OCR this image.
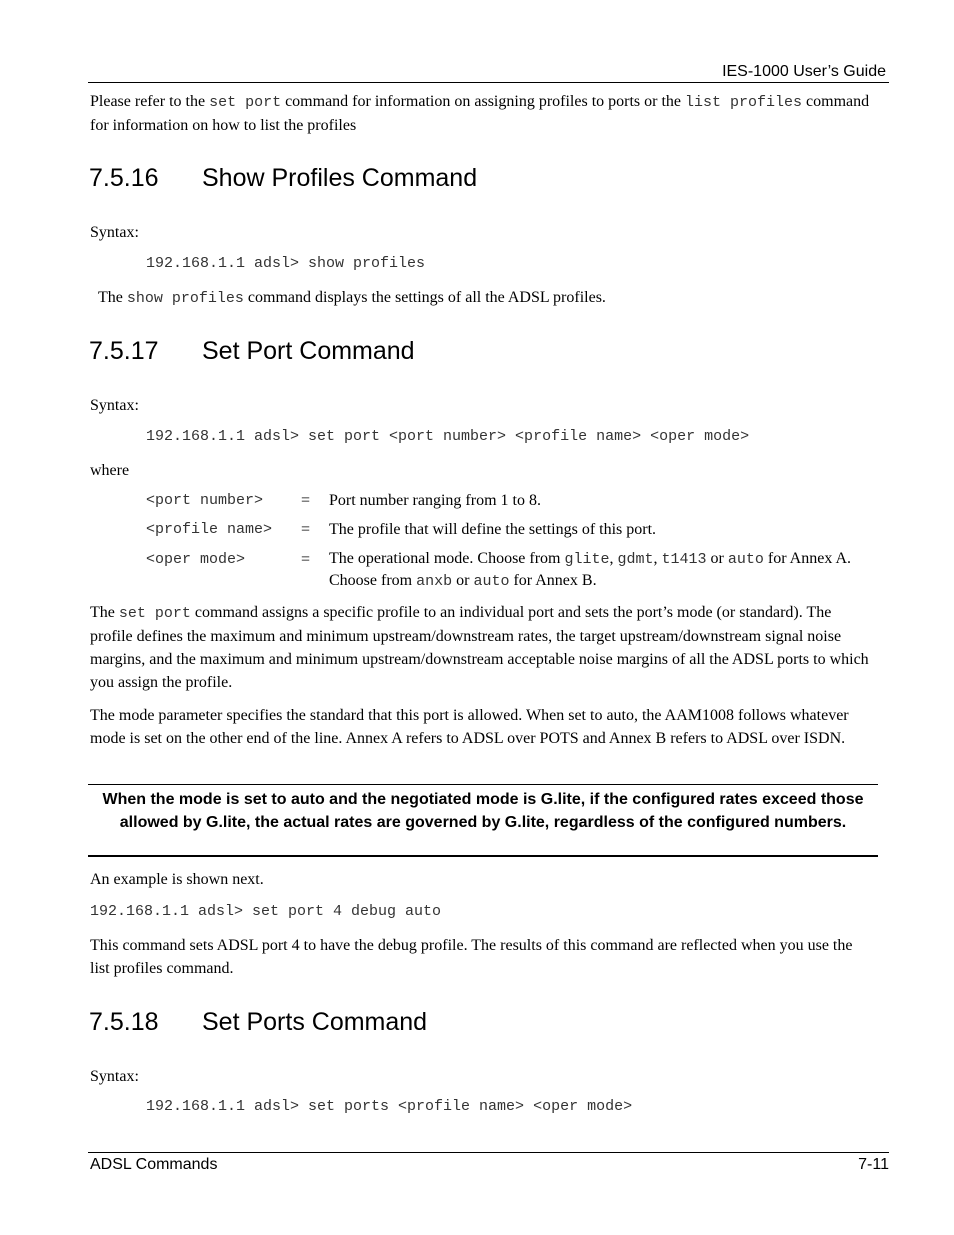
IES-1000 User’s Guide

Please refer to the set port command for information on assigning profiles to ports or the list profiles command for information on how to list the profiles

7.5.16 Show Profiles Command
Syntax:
192.168.1.1 adsl> show profiles

The show profiles command displays the settings of all the ADSL profiles.

7.5.17 Set Port Command
Syntax:
192.168.1.1 adsl> set port <port number> <profile name> <oper mode>
where
<port number> = Port number ranging from 1 to 8.
<profile name> = The profile that will define the settings of this port.
<oper mode>	= The operational mode. Choose from glite, gdmt, t1413 or auto for Annex A. Choose from anxb or auto for Annex B.

The set port command assigns a specific profile to an individual port and sets the port’s mode (or standard). The profile defines the maximum and minimum upstream/downstream rates, the target upstream/downstream signal noise margins, and the maximum and minimum upstream/downstream acceptable noise margins of all the ADSL ports to which you assign the profile.

The mode parameter specifies the standard that this port is allowed. When set to auto, the AAM1008 follows whatever mode is set on the other end of the line. Annex A refers to ADSL over POTS and Annex B refers to ADSL over ISDN.

When the mode is set to auto and the negotiated mode is G.lite, if the configured rates exceed those allowed by G.lite, the actual rates are governed by G.lite, regardless of the configured numbers.
An example is shown next.
192.168.1.1 adsl> set port 4 debug auto

This command sets ADSL port 4 to have the debug profile. The results of this command are reflected when you use the list profiles command.

7.5.18 Set Ports Command
Syntax:
192.168.1.1 adsl> set ports <profile name> <oper mode>
ADSL Commands	7-11
